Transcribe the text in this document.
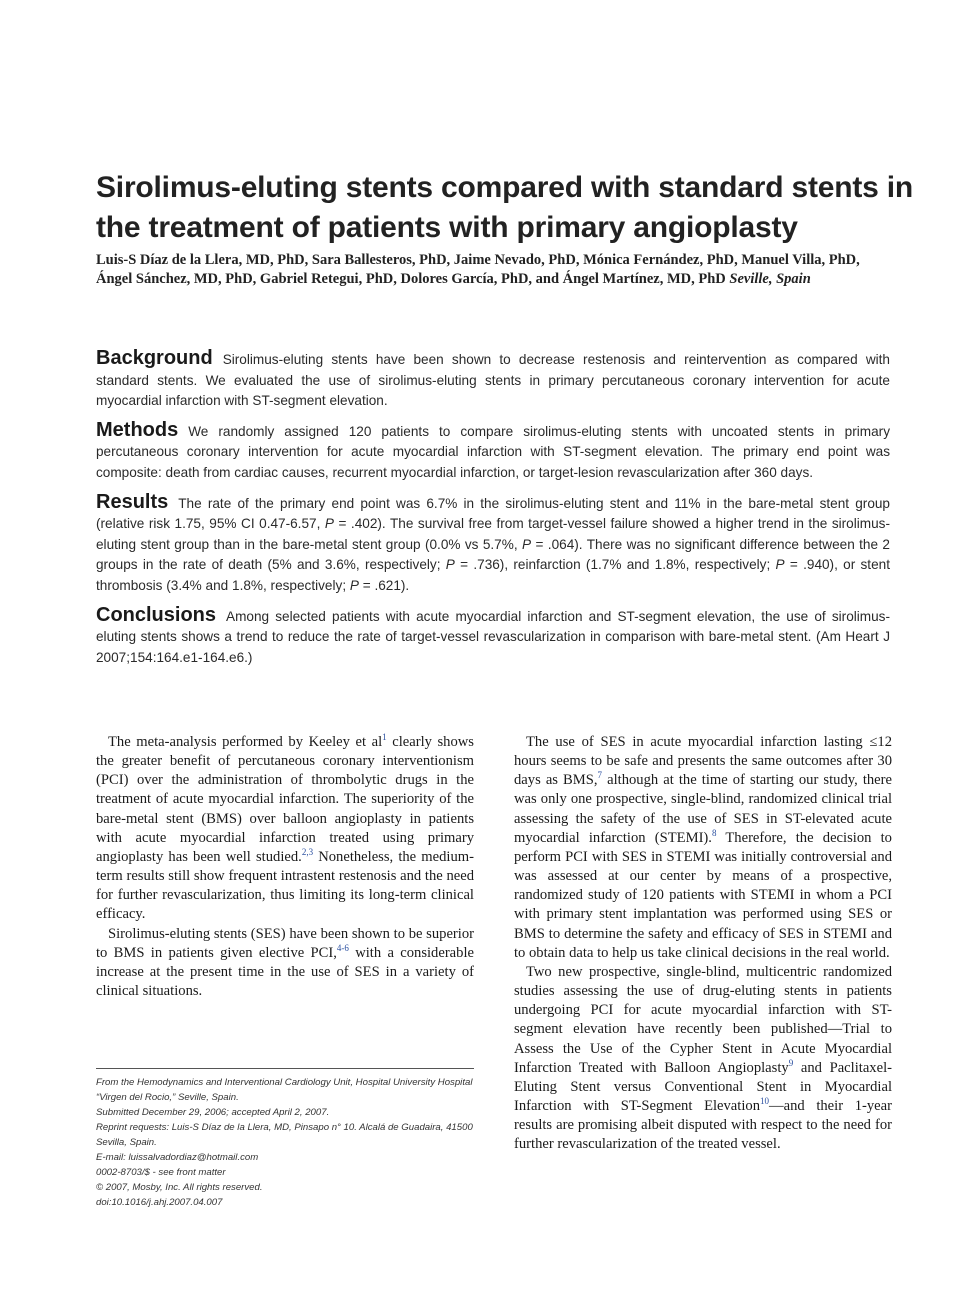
Sirolimus-eluting stents compared with standard stents in the treatment of patients with primary angioplasty

Luis-S Díaz de la Llera, MD, PhD, Sara Ballesteros, PhD, Jaime Nevado, PhD, Mónica Fernández, PhD, Manuel Villa, PhD, Ángel Sánchez, MD, PhD, Gabriel Retegui, PhD, Dolores García, PhD, and Ángel Martínez, MD, PhD Seville, Spain

Background Sirolimus-eluting stents have been shown to decrease restenosis and reintervention as compared with standard stents. We evaluated the use of sirolimus-eluting stents in primary percutaneous coronary intervention for acute myocardial infarction with ST-segment elevation.

Methods We randomly assigned 120 patients to compare sirolimus-eluting stents with uncoated stents in primary percutaneous coronary intervention for acute myocardial infarction with ST-segment elevation. The primary end point was composite: death from cardiac causes, recurrent myocardial infarction, or target-lesion revascularization after 360 days.

Results The rate of the primary end point was 6.7% in the sirolimus-eluting stent and 11% in the bare-metal stent group (relative risk 1.75, 95% CI 0.47-6.57, P = .402). The survival free from target-vessel failure showed a higher trend in the sirolimus-eluting stent group than in the bare-metal stent group (0.0% vs 5.7%, P = .064). There was no significant difference between the 2 groups in the rate of death (5% and 3.6%, respectively; P = .736), reinfarction (1.7% and 1.8%, respectively; P = .940), or stent thrombosis (3.4% and 1.8%, respectively; P = .621).

Conclusions Among selected patients with acute myocardial infarction and ST-segment elevation, the use of sirolimus-eluting stents shows a trend to reduce the rate of target-vessel revascularization in comparison with bare-metal stent. (Am Heart J 2007;154:164.e1-164.e6.)

The meta-analysis performed by Keeley et al$^1$ clearly shows the greater benefit of percutaneous coronary interventionism (PCI) over the administration of thrombolytic drugs in the treatment of acute myocardial infarction. The superiority of the bare-metal stent (BMS) over balloon angioplasty in patients with acute myocardial infarction treated using primary angioplasty has been well studied.$^{2,3}$ Nonetheless, the medium-term results still show frequent intrastent restenosis and the need for further revascularization, thus limiting its long-term clinical efficacy.

Sirolimus-eluting stents (SES) have been shown to be superior to BMS in patients given elective PCI,$^{4-6}$ with a considerable increase at the present time in the use of SES in a variety of clinical situations.

From the Hemodynamics and Interventional Cardiology Unit, Hospital University Hospital “Virgen del Rocio,” Seville, Spain.
Submitted December 29, 2006; accepted April 2, 2007.
Reprint requests: Luis-S Díaz de la Llera, MD, Pinsapo n° 10. Alcalá de Guadaira, 41500 Sevilla, Spain.
E-mail: luissalvadordiaz@hotmail.com
0002-8703/$ - see front matter
© 2007, Mosby, Inc. All rights reserved.
doi:10.1016/j.ahj.2007.04.007

The use of SES in acute myocardial infarction lasting ≤12 hours seems to be safe and presents the same outcomes after 30 days as BMS,$^7$ although at the time of starting our study, there was only one prospective, single-blind, randomized clinical trial assessing the safety of the use of SES in ST-elevated acute myocardial infarction (STEMI).$^8$ Therefore, the decision to perform PCI with SES in STEMI was initially controversial and was assessed at our center by means of a prospective, randomized study of 120 patients with STEMI in whom a PCI with primary stent implantation was performed using SES or BMS to determine the safety and efficacy of SES in STEMI and to obtain data to help us take clinical decisions in the real world.

Two new prospective, single-blind, multicentric randomized studies assessing the use of drug-eluting stents in patients undergoing PCI for acute myocardial infarction with ST-segment elevation have recently been published—Trial to Assess the Use of the Cypher Stent in Acute Myocardial Infarction Treated with Balloon Angioplasty$^9$ and Paclitaxel-Eluting Stent versus Conventional Stent in Myocardial Infarction with ST-Segment Elevation$^{10}$—and their 1-year results are promising albeit disputed with respect to the need for further revascularization of the treated vessel.
